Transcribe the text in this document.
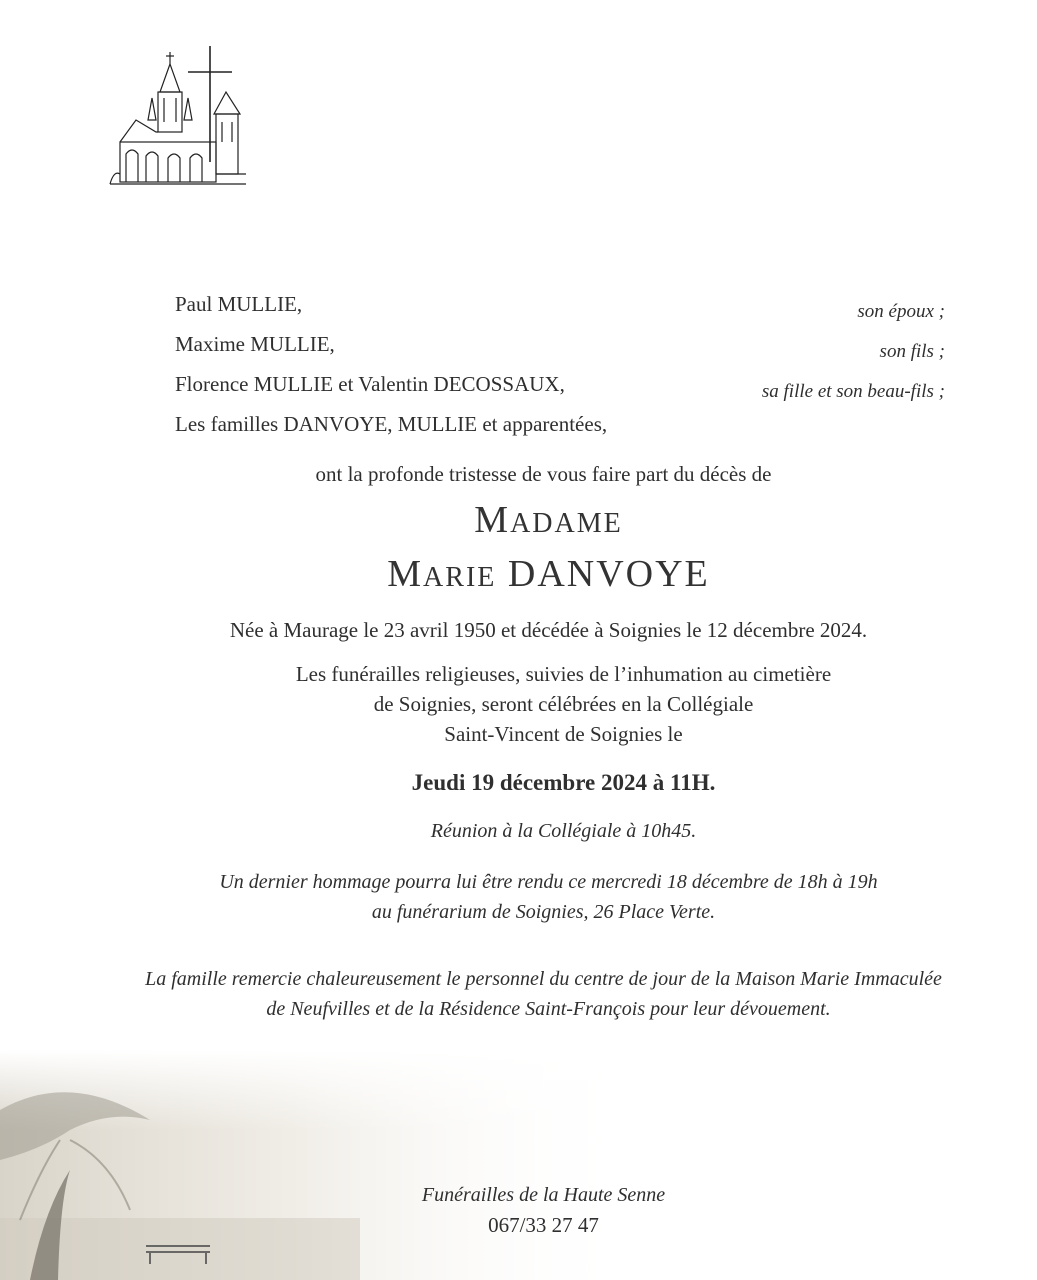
Paul MULLIE,	son époux ;
Maxime MULLIE,	son fils ;
Florence MULLIE et Valentin DECOSSAUX,	sa fille et son beau-fils ;
Les familles DANVOYE, MULLIE et apparentées,
ont la profonde tristesse de vous faire part du décès de
MADAME
MARIE DANVOYE
Née à Maurage le 23 avril 1950 et décédée à Soignies le 12 décembre 2024.
Les funérailles religieuses, suivies de l’inhumation au cimetière
de Soignies, seront célébrées en la Collégiale
Saint-Vincent de Soignies le
Jeudi 19 décembre 2024 à 11H.
Réunion à la Collégiale à 10h45.
Un dernier hommage pourra lui être rendu ce mercredi 18 décembre de 18h à 19h
au funérarium de Soignies, 26 Place Verte.
La famille remercie chaleureusement le personnel du centre de jour de la Maison Marie Immaculée
de Neufvilles et de la Résidence Saint-François pour leur dévouement.
Funérailles de la Haute Senne
067/33 27 47
